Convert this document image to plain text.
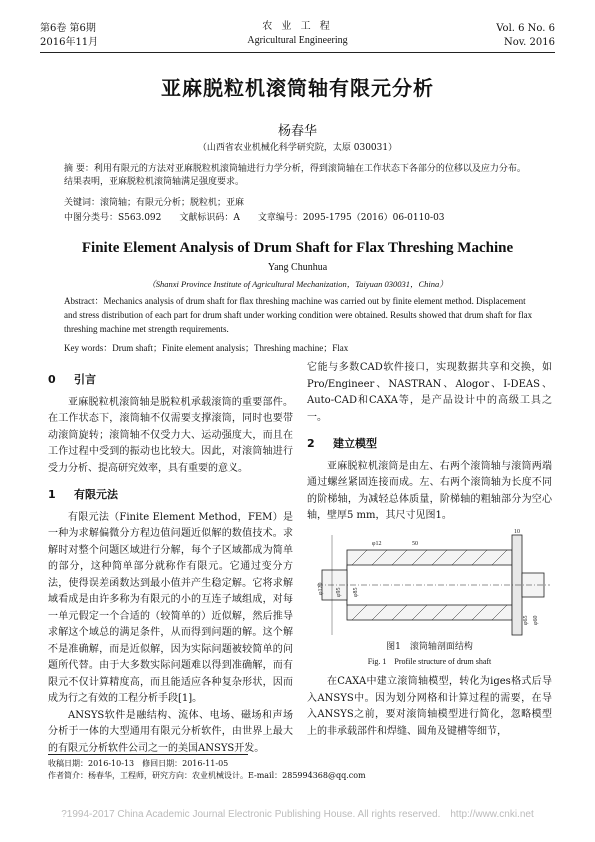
第6卷 第6期
2016年11月
农 业 工 程
Agricultural Engineering
Vol. 6 No. 6
Nov. 2016
亚麻脱粒机滚筒轴有限元分析
杨春华
（山西省农业机械化科学研究院，太原 030031）
摘 要：利用有限元的方法对亚麻脱粒机滚筒轴进行力学分析，得到滚筒轴在工作状态下各部分的位移以及应力分布。结果表明，亚麻脱粒机滚筒轴满足强度要求。
关键词：滚筒轴；有限元分析；脱粒机；亚麻
中图分类号：S563.092　　文献标识码：A　　文章编号：2095-1795（2016）06-0110-03
Finite Element Analysis of Drum Shaft for Flax Threshing Machine
Yang Chunhua
（Shanxi Province Institute of Agricultural Mechanization，Taiyuan 030031，China）
Abstract：Mechanics analysis of drum shaft for flax threshing machine was carried out by finite element method. Displacement and stress distribution of each part for drum shaft under working condition were obtained. Results showed that drum shaft for flax threshing machine met strength requirements.
Key words：Drum shaft；Finite element analysis；Threshing machine；Flax
0 引言

亚麻脱粒机滚筒轴是脱粒机承载滚筒的重要部件。在工作状态下，滚筒轴不仅需要支撑滚筒，同时也要带动滚筒旋转；滚筒轴不仅受力大、运动强度大，而且在工作过程中受到的振动也比较大。因此，对滚筒轴进行受力分析、提高研究效率，具有重要的意义。

1 有限元法

有限元法（Finite Element Method，FEM）是一种为求解偏微分方程边值问题近似解的数值技术。求解时对整个问题区域进行分解，每个子区域都成为简单的部分，这种简单部分就称作有限元。它通过变分方法，使得误差函数达到最小值并产生稳定解。它将求解域看成是由许多称为有限元的小的互连子域组成，对每一单元假定一个合适的（较简单的）近似解，然后推导求解这个域总的满足条件，从而得到问题的解。这个解不是准确解，而是近似解，因为实际问题被较简单的问题所代替。由于大多数实际问题难以得到准确解，而有限元不仅计算精度高，而且能适应各种复杂形状，因而成为行之有效的工程分析手段[1]。

ANSYS软件是融结构、流体、电场、磁场和声场分析于一体的大型通用有限元分析软件，由世界上最大的有限元分析软件公司之一的美国ANSYS开发。

它能与多数CAD软件接口，实现数据共享和交换，如Pro/Engineer、NASTRAN、Alogor、I-DEAS、Auto-CAD和CAXA等，是产品设计中的高级工具之一。

2 建立模型

亚麻脱粒机滚筒是由左、右两个滚筒轴与滚筒两端通过螺丝紧固连接而成。左、右两个滚筒轴为长度不同的阶梯轴，为减轻总体质量，阶梯轴的粗轴部分为空心轴，壁厚5 mm，其尺寸见图1。

φ120 φ95 φ85
φ65 φ60
φ12	50
10
图1　滚筒轴剖面结构
Fig. 1　Profile structure of drum shaft

在CAXA中建立滚筒轴模型，转化为iges格式后导入ANSYS中。因为划分网格和计算过程的需要，在导入ANSYS之前，要对滚筒轴模型进行简化，忽略模型上的非承载部件和焊缝、圆角及键槽等细节，

收稿日期：2016-10-13　修回日期：2016-11-05
作者简介：杨春华，工程师，研究方向：农业机械设计。E-mail：285994368@qq.com
?1994-2017 China Academic Journal Electronic Publishing House. All rights reserved.　http://www.cnki.net
